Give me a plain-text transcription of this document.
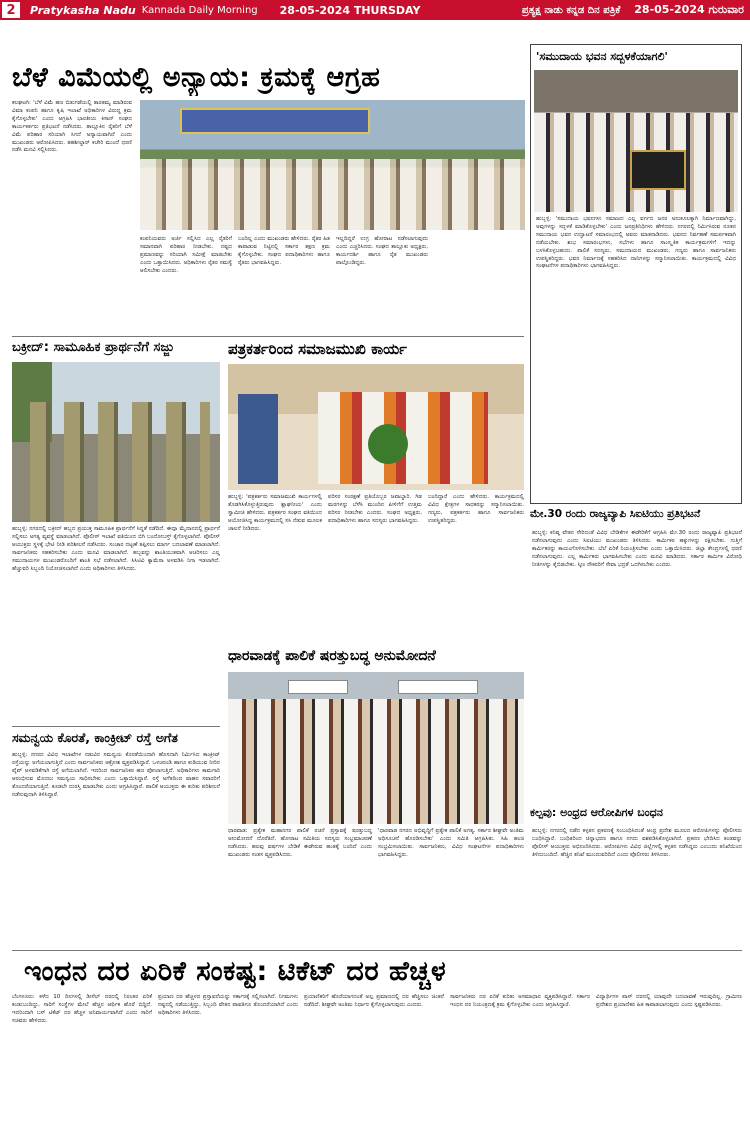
2	Pratykasha Nadu Kannada Daily Morning 28-05-2024 THURSDAY	ಪ್ರತ್ಯಕ್ಷ ನಾಡು ಕನ್ನಡ ದಿನ ಪತ್ರಿಕೆ 28-05-2024 ಗುರುವಾರ
ಬೆಳೆ ವಿಮೆಯಲ್ಲಿ ಅನ್ಯಾಯ: ಕ್ರಮಕ್ಕೆ ಆಗ್ರಹ
ಕಲಘಟಗಿ: 'ಬೆಳೆ ವಿಮೆ ಹಣ ಬಿಡುಗಡೆಯಲ್ಲಿ ತಾರತಮ್ಯ ಮಾಡಿರುವ ವಿಮಾ ಕಂಪನಿ ಹಾಗೂ ಕೃಷಿ ಇಲಾಖೆ ಅಧಿಕಾರಿಗಳ ವಿರುದ್ಧ ಕ್ರಮ ಕೈಗೊಳ್ಳಬೇಕು' ಎಂದು ಆಗ್ರಹಿಸಿ ಭಾರತೀಯ ಕಿಸಾನ್ ಸಂಘದ ಕಾರ್ಯಕರ್ತರು ಪ್ರತಿಭಟನೆ ನಡೆಸಿದರು. ತಾಲ್ಲೂಕಿನ ರೈತರಿಗೆ ಬೆಳೆ ವಿಮೆ ಪರಿಹಾರ ಸರಿಯಾಗಿ ಸಿಗದೆ ಅನ್ಯಾಯವಾಗಿದೆ ಎಂದು ಮುಖಂಡರು ಆರೋಪಿಸಿದರು. ತಹಶೀಲ್ದಾರ್ ಕಚೇರಿ ಮುಂದೆ ಧರಣಿ ನಡೆಸಿ ಮನವಿ ಸಲ್ಲಿಸಿದರು.
ಕಂಪನಿಯವರು ಅರ್ಜಿ ಸಲ್ಲಿಸಿದ ಎಲ್ಲ ರೈತರಿಗೆ ಸಮಾನವಾಗಿ ಪರಿಹಾರ ನೀಡಬೇಕು. ನಷ್ಟದ ಪ್ರಮಾಣವನ್ನು ಸರಿಯಾಗಿ ಸಮೀಕ್ಷೆ ಮಾಡಬೇಕು ಎಂದು ಒತ್ತಾಯಿಸಿದರು. ಅಧಿಕಾರಿಗಳು ರೈತರ ಸಮಸ್ಯೆ ಆಲಿಸಬೇಕು ಎಂದರು.
ಬಂದಿಲ್ಲ ಎಂದು ಮುಖಂಡರು ಹೇಳಿದರು. ರೈತರ ಹಿತ ಕಾಪಾಡುವ ನಿಟ್ಟಿನಲ್ಲಿ ಸರ್ಕಾರ ತಕ್ಷಣ ಕ್ರಮ ಕೈಗೊಳ್ಳಬೇಕು. ಸಂಘದ ಪದಾಧಿಕಾರಿಗಳು ಹಾಗೂ ರೈತರು ಭಾಗವಹಿಸಿದ್ದರು.
ಇಲ್ಲದಿದ್ದರೆ ಉಗ್ರ ಹೋರಾಟ ನಡೆಸಲಾಗುವುದು ಎಂದು ಎಚ್ಚರಿಸಿದರು. ಸಂಘದ ತಾಲ್ಲೂಕು ಅಧ್ಯಕ್ಷರು, ಕಾರ್ಯದರ್ಶಿ ಹಾಗೂ ರೈತ ಮುಖಂಡರು ಪಾಲ್ಗೊಂಡಿದ್ದರು.
'ಸಮುದಾಯ ಭವನ ಸದ್ಬಳಕೆಯಾಗಲಿ'
ಹುಬ್ಬಳ್ಳಿ: 'ಸಮುದಾಯ ಭವನಗಳು ಸಮಾಜದ ಎಲ್ಲ ವರ್ಗದ ಜನರ ಅನುಕೂಲಕ್ಕಾಗಿ ನಿರ್ಮಾಣವಾಗಿದ್ದು, ಅವುಗಳನ್ನು ಸದ್ಬಳಕೆ ಮಾಡಿಕೊಳ್ಳಬೇಕು' ಎಂದು ಜನಪ್ರತಿನಿಧಿಗಳು ಹೇಳಿದರು. ನಗರದಲ್ಲಿ ನಿರ್ಮಿಸಿರುವ ನೂತನ ಸಮುದಾಯ ಭವನ ಉದ್ಘಾಟನೆ ಸಮಾರಂಭದಲ್ಲಿ ಅವರು ಮಾತನಾಡಿದರು. ಭವನದ ನಿರ್ವಹಣೆ ಸಮರ್ಪಕವಾಗಿ ನಡೆಯಬೇಕು. ಶುಭ ಸಮಾರಂಭಗಳು, ಸಭೆಗಳು ಹಾಗೂ ಸಾಂಸ್ಕೃತಿಕ ಕಾರ್ಯಕ್ರಮಗಳಿಗೆ ಇದನ್ನು ಬಳಸಿಕೊಳ್ಳಬಹುದು. ಪಾಲಿಕೆ ಸದಸ್ಯರು, ಸಮುದಾಯದ ಮುಖಂಡರು, ಗಣ್ಯರು ಹಾಗೂ ಸಾರ್ವಜನಿಕರು ಉಪಸ್ಥಿತರಿದ್ದರು. ಭವನ ನಿರ್ಮಾಣಕ್ಕೆ ಸಹಕರಿಸಿದ ದಾನಿಗಳನ್ನು ಸನ್ಮಾನಿಸಲಾಯಿತು. ಕಾರ್ಯಕ್ರಮದಲ್ಲಿ ವಿವಿಧ ಸಂಘಟನೆಗಳ ಪದಾಧಿಕಾರಿಗಳು ಭಾಗವಹಿಸಿದ್ದರು.
ಬಕ್ರೀದ್: ಸಾಮೂಹಿಕ ಪ್ರಾರ್ಥನೆಗೆ ಸಜ್ಜು
ಹುಬ್ಬಳ್ಳಿ: ನಗರದಲ್ಲಿ ಬಕ್ರೀದ್ ಹಬ್ಬದ ಪ್ರಯುಕ್ತ ಸಾಮೂಹಿಕ ಪ್ರಾರ್ಥನೆಗೆ ಸಿದ್ಧತೆ ನಡೆದಿದೆ. ಈದ್ಗಾ ಮೈದಾನದಲ್ಲಿ ಪ್ರಾರ್ಥನೆ ಸಲ್ಲಿಸಲು ಅಗತ್ಯ ವ್ಯವಸ್ಥೆ ಮಾಡಲಾಗಿದೆ. ಪೊಲೀಸ್ ಇಲಾಖೆ ವತಿಯಿಂದ ಬಿಗಿ ಬಂದೋಬಸ್ತ್ ಕೈಗೊಳ್ಳಲಾಗಿದೆ. ಪೊಲೀಸ್ ಆಯುಕ್ತರು ಸ್ಥಳಕ್ಕೆ ಭೇಟಿ ನೀಡಿ ಪರಿಶೀಲನೆ ನಡೆಸಿದರು. ಸಂಚಾರ ದಟ್ಟಣೆ ತಪ್ಪಿಸಲು ಮಾರ್ಗ ಬದಲಾವಣೆ ಮಾಡಲಾಗಿದೆ. ಸಾರ್ವಜನಿಕರು ಸಹಕರಿಸಬೇಕು ಎಂದು ಮನವಿ ಮಾಡಲಾಗಿದೆ. ಹಬ್ಬವನ್ನು ಶಾಂತಿಯುತವಾಗಿ ಆಚರಿಸಲು ಎಲ್ಲ ಸಮುದಾಯಗಳ ಮುಖಂಡರೊಂದಿಗೆ ಶಾಂತಿ ಸಭೆ ನಡೆಸಲಾಗಿದೆ. ಸಿಸಿಟಿವಿ ಕ್ಯಾಮೆರಾ ಅಳವಡಿಸಿ ನಿಗಾ ಇಡಲಾಗಿದೆ. ಹೆಚ್ಚುವರಿ ಸಿಬ್ಬಂದಿ ನಿಯೋಜಿಸಲಾಗಿದೆ ಎಂದು ಅಧಿಕಾರಿಗಳು ತಿಳಿಸಿದರು.
ಪತ್ರಕರ್ತರಿಂದ ಸಮಾಜಮುಖಿ ಕಾರ್ಯ
ಹುಬ್ಬಳ್ಳಿ: 'ಪತ್ರಕರ್ತರು ಸಮಾಜಮುಖಿ ಕಾರ್ಯಗಳಲ್ಲಿ ತೊಡಗಿಸಿಕೊಳ್ಳುತ್ತಿರುವುದು ಶ್ಲಾಘನೀಯ' ಎಂದು ಸ್ವಾಮೀಜಿ ಹೇಳಿದರು. ಪತ್ರಕರ್ತರ ಸಂಘದ ವತಿಯಿಂದ ಆಯೋಜಿಸಿದ್ದ ಕಾರ್ಯಕ್ರಮದಲ್ಲಿ ಸಸಿ ನೆಡುವ ಮೂಲಕ ಚಾಲನೆ ನೀಡಿದರು.
ಪರಿಸರ ಸಂರಕ್ಷಣೆ ಪ್ರತಿಯೊಬ್ಬರ ಜವಾಬ್ದಾರಿ. ಗಿಡ ಮರಗಳನ್ನು ಬೆಳೆಸಿ ಮುಂದಿನ ಪೀಳಿಗೆಗೆ ಉತ್ತಮ ಪರಿಸರ ನೀಡಬೇಕು ಎಂದರು. ಸಂಘದ ಅಧ್ಯಕ್ಷರು, ಪದಾಧಿಕಾರಿಗಳು ಹಾಗೂ ಸದಸ್ಯರು ಭಾಗವಹಿಸಿದ್ದರು.
ಬಂದಿದ್ದಾರೆ ಎಂದು ಹೇಳಿದರು. ಕಾರ್ಯಕ್ರಮದಲ್ಲಿ ವಿವಿಧ ಕ್ಷೇತ್ರಗಳ ಸಾಧಕರನ್ನು ಸನ್ಮಾನಿಸಲಾಯಿತು. ಗಣ್ಯರು, ಪತ್ರಕರ್ತರು ಹಾಗೂ ಸಾರ್ವಜನಿಕರು ಉಪಸ್ಥಿತರಿದ್ದರು.
ಮೇ.30 ರಂದು ರಾಜ್ಯವ್ಯಾಪಿ ಸಿಐಟಿಯು ಪ್ರತಿಭಟನೆ
ಹುಬ್ಬಳ್ಳಿ: ಕನಿಷ್ಠ ವೇತನ ಸೇರಿದಂತೆ ವಿವಿಧ ಬೇಡಿಕೆಗಳ ಈಡೇರಿಕೆಗೆ ಆಗ್ರಹಿಸಿ ಮೇ.30 ರಂದು ರಾಜ್ಯವ್ಯಾಪಿ ಪ್ರತಿಭಟನೆ ನಡೆಸಲಾಗುವುದು ಎಂದು ಸಿಐಟಿಯು ಮುಖಂಡರು ತಿಳಿಸಿದರು. ಕಾರ್ಮಿಕರ ಹಕ್ಕುಗಳನ್ನು ರಕ್ಷಿಸಬೇಕು. ಗುತ್ತಿಗೆ ಕಾರ್ಮಿಕರನ್ನು ಕಾಯಂಗೊಳಿಸಬೇಕು. ಬೆಲೆ ಏರಿಕೆ ನಿಯಂತ್ರಿಸಬೇಕು ಎಂದು ಒತ್ತಾಯಿಸಿದರು. ಜಿಲ್ಲಾ ಕೇಂದ್ರಗಳಲ್ಲಿ ಧರಣಿ ನಡೆಸಲಾಗುವುದು. ಎಲ್ಲ ಕಾರ್ಮಿಕರು ಭಾಗವಹಿಸಬೇಕು ಎಂದು ಮನವಿ ಮಾಡಿದರು. ಸರ್ಕಾರ ಕಾರ್ಮಿಕ ವಿರೋಧಿ ನೀತಿಗಳನ್ನು ಕೈಬಿಡಬೇಕು. ಸ್ಕೀಂ ನೌಕರರಿಗೆ ಸೇವಾ ಭದ್ರತೆ ಒದಗಿಸಬೇಕು ಎಂದರು.
ಸಮನ್ವಯ ಕೊರತೆ, ಕಾಂಕ್ರೀಟ್ ರಸ್ತೆ ಅಗೆತ
ಹುಬ್ಬಳ್ಳಿ: ನಗರದ ವಿವಿಧ ಇಲಾಖೆಗಳ ನಡುವಿನ ಸಮನ್ವಯ ಕೊರತೆಯಿಂದಾಗಿ ಹೊಸದಾಗಿ ನಿರ್ಮಿಸಿದ ಕಾಂಕ್ರೀಟ್ ರಸ್ತೆಯನ್ನು ಅಗೆಯಲಾಗುತ್ತಿದೆ ಎಂದು ಸಾರ್ವಜನಿಕರು ಆಕ್ರೋಶ ವ್ಯಕ್ತಪಡಿಸಿದ್ದಾರೆ. ಒಳಚರಂಡಿ ಹಾಗೂ ಕುಡಿಯುವ ನೀರಿನ ಪೈಪ್ ಅಳವಡಿಕೆಗಾಗಿ ರಸ್ತೆ ಅಗೆಯಲಾಗಿದೆ. ಇದರಿಂದ ಸಾರ್ವಜನಿಕರ ಹಣ ಪೋಲಾಗುತ್ತಿದೆ. ಅಧಿಕಾರಿಗಳು ಕಾಮಗಾರಿ ಆರಂಭಿಸುವ ಮೊದಲು ಸಮನ್ವಯ ಸಾಧಿಸಬೇಕು ಎಂದು ಒತ್ತಾಯಿಸಿದ್ದಾರೆ. ರಸ್ತೆ ಅಗೆತದಿಂದ ವಾಹನ ಸವಾರರಿಗೆ ತೊಂದರೆಯಾಗುತ್ತಿದೆ. ಕೂಡಲೇ ದುರಸ್ತಿ ಮಾಡಬೇಕು ಎಂದು ಆಗ್ರಹಿಸಿದ್ದಾರೆ. ಪಾಲಿಕೆ ಆಯುಕ್ತರು ಈ ಕುರಿತು ಪರಿಶೀಲನೆ ನಡೆಸುವುದಾಗಿ ತಿಳಿಸಿದ್ದಾರೆ.
ಧಾರವಾಡಕ್ಕೆ ಪಾಲಿಕೆ ಷರತ್ತುಬದ್ಧ ಅನುಮೋದನೆ
ಧಾರವಾಡ: ಪ್ರತ್ಯೇಕ ಮಹಾನಗರ ಪಾಲಿಕೆ ರಚನೆ ಪ್ರಸ್ತಾವಕ್ಕೆ ಷರತ್ತುಬದ್ಧ ಅನುಮೋದನೆ ದೊರೆತಿದೆ. ಹೋರಾಟ ಸಮಿತಿಯ ಸದಸ್ಯರು ಸಂಭ್ರಮಾಚರಣೆ ನಡೆಸಿದರು. ಹಲವು ವರ್ಷಗಳ ಬೇಡಿಕೆ ಈಡೇರುವ ಹಂತಕ್ಕೆ ಬಂದಿದೆ ಎಂದು ಮುಖಂಡರು ಸಂತಸ ವ್ಯಕ್ತಪಡಿಸಿದರು.
'ಧಾರವಾಡ ನಗರದ ಅಭಿವೃದ್ಧಿಗೆ ಪ್ರತ್ಯೇಕ ಪಾಲಿಕೆ ಅಗತ್ಯ. ಸರ್ಕಾರ ಶೀಘ್ರವೇ ಅಂತಿಮ ಅಧಿಸೂಚನೆ ಹೊರಡಿಸಬೇಕು' ಎಂದು ಸಮಿತಿ ಆಗ್ರಹಿಸಿತು. ಸಿಹಿ ಹಂಚಿ ಸಂಭ್ರಮಿಸಲಾಯಿತು. ಸಾರ್ವಜನಿಕರು, ವಿವಿಧ ಸಂಘಟನೆಗಳ ಪದಾಧಿಕಾರಿಗಳು ಭಾಗವಹಿಸಿದ್ದರು.
ಕಲ್ಪವು: ಅಂಧ್ರದ ಆರೋಪಿಗಳ ಬಂಧನ
ಹುಬ್ಬಳ್ಳಿ: ನಗರದಲ್ಲಿ ನಡೆದ ಕಳ್ಳತನ ಪ್ರಕರಣಕ್ಕೆ ಸಂಬಂಧಿಸಿದಂತೆ ಆಂಧ್ರ ಪ್ರದೇಶ ಮೂಲದ ಆರೋಪಿಗಳನ್ನು ಪೊಲೀಸರು ಬಂಧಿಸಿದ್ದಾರೆ. ಬಂಧಿತರಿಂದ ಚಿನ್ನಾಭರಣ ಹಾಗೂ ನಗದು ವಶಪಡಿಸಿಕೊಳ್ಳಲಾಗಿದೆ. ಪ್ರಕರಣ ಭೇದಿಸಿದ ತಂಡವನ್ನು ಪೊಲೀಸ್ ಆಯುಕ್ತರು ಅಭಿನಂದಿಸಿದರು. ಆರೋಪಿಗಳು ವಿವಿಧ ಜಿಲ್ಲೆಗಳಲ್ಲಿ ಕಳ್ಳತನ ನಡೆಸಿದ್ದರು ಎಂಬುದು ತನಿಖೆಯಿಂದ ತಿಳಿದುಬಂದಿದೆ. ಹೆಚ್ಚಿನ ತನಿಖೆ ಮುಂದುವರಿದಿದೆ ಎಂದು ಪೊಲೀಸರು ತಿಳಿಸಿದರು.
ಇಂಧನ ದರ ಏರಿಕೆ ಸಂಕಷ್ಟ: ಟಿಕೆಟ್ ದರ ಹೆಚ್ಚಳ
ಬೆಂಗಳೂರು: ಕಳೆದ 10 ದಿನಗಳಲ್ಲಿ ಡೀಸೆಲ್ ದರದಲ್ಲಿ ನಿರಂತರ ಏರಿಕೆ ಕಂಡುಬಂದಿದ್ದು, ಸಾರಿಗೆ ಸಂಸ್ಥೆಗಳ ಮೇಲೆ ಹೆಚ್ಚಿನ ಆರ್ಥಿಕ ಹೊರೆ ಬಿದ್ದಿದೆ. ಇದರಿಂದಾಗಿ ಬಸ್ ಟಿಕೆಟ್ ದರ ಹೆಚ್ಚಳ ಅನಿವಾರ್ಯವಾಗಿದೆ ಎಂದು ಸಾರಿಗೆ ಸಚಿವರು ಹೇಳಿದರು.
ಪ್ರಯಾಣ ದರ ಹೆಚ್ಚಳದ ಪ್ರಸ್ತಾವನೆಯನ್ನು ಸರ್ಕಾರಕ್ಕೆ ಸಲ್ಲಿಸಲಾಗಿದೆ. ನಿಗಮಗಳು ನಷ್ಟದಲ್ಲಿ ನಡೆಯುತ್ತಿದ್ದು, ಸಿಬ್ಬಂದಿ ವೇತನ ಪಾವತಿಗೂ ತೊಂದರೆಯಾಗಿದೆ ಎಂದು ಅಧಿಕಾರಿಗಳು ತಿಳಿಸಿದರು.
ಪ್ರಯಾಣಿಕರಿಗೆ ಹೊರೆಯಾಗದಂತೆ ಅಲ್ಪ ಪ್ರಮಾಣದಲ್ಲಿ ದರ ಹೆಚ್ಚಿಸಲು ಚಿಂತನೆ ನಡೆದಿದೆ. ಶೀಘ್ರವೇ ಅಂತಿಮ ನಿರ್ಧಾರ ಕೈಗೊಳ್ಳಲಾಗುವುದು ಎಂದರು.
ಸಾರ್ವಜನಿಕರು ದರ ಏರಿಕೆ ಕುರಿತು ಅಸಮಾಧಾನ ವ್ಯಕ್ತಪಡಿಸಿದ್ದಾರೆ. ಸರ್ಕಾರ ಇಂಧನ ದರ ನಿಯಂತ್ರಣಕ್ಕೆ ಕ್ರಮ ಕೈಗೊಳ್ಳಬೇಕು ಎಂದು ಆಗ್ರಹಿಸಿದ್ದಾರೆ.
ವಿದ್ಯಾರ್ಥಿಗಳ ಪಾಸ್ ದರದಲ್ಲಿ ಯಾವುದೇ ಬದಲಾವಣೆ ಇರುವುದಿಲ್ಲ. ಗ್ರಾಮೀಣ ಪ್ರದೇಶದ ಪ್ರಯಾಣಿಕರ ಹಿತ ಕಾಪಾಡಲಾಗುವುದು ಎಂದು ಸ್ಪಷ್ಟಪಡಿಸಿದರು.
